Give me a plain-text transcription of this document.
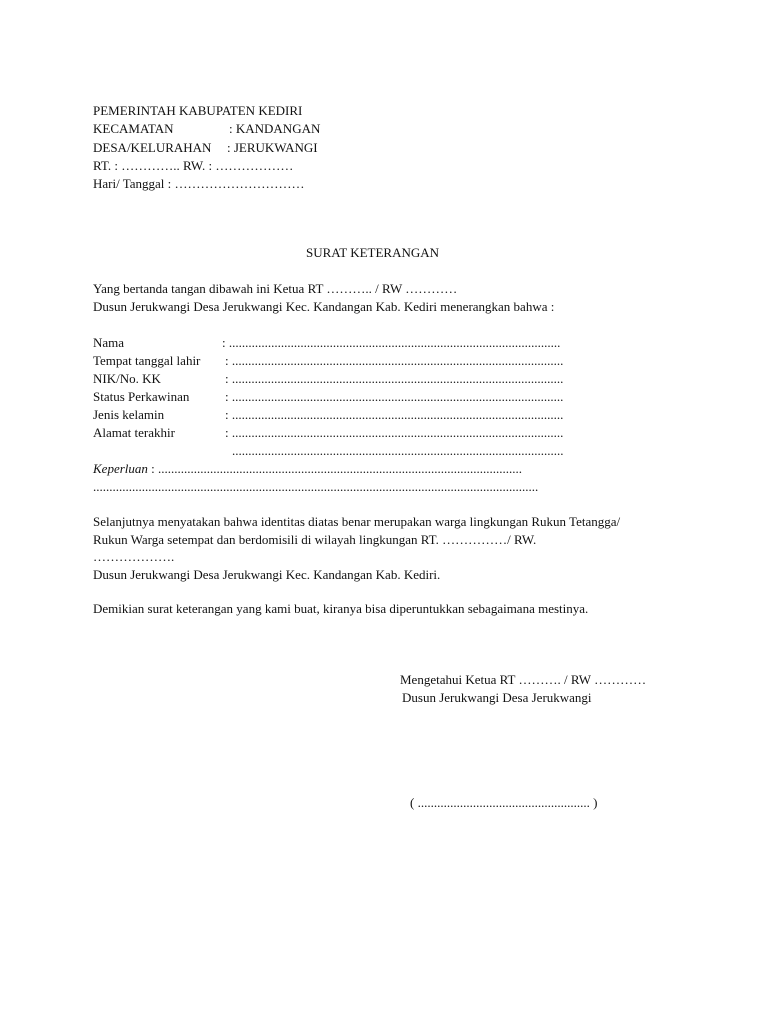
PEMERINTAH KABUPATEN KEDIRI
KECAMATAN	: KANDANGAN
DESA/KELURAHAN : JERUKWANGI
RT. : ………….. RW. : ………………
Hari/ Tanggal : …………………………
SURAT KETERANGAN
Yang bertanda tangan dibawah ini Ketua RT ……….. / RW …………
Dusun Jerukwangi Desa Jerukwangi Kec. Kandangan Kab. Kediri menerangkan bahwa :
Nama	: ......................................................................................................
Tempat tanggal lahir : ......................................................................................................
NIK/No. KK	: ......................................................................................................
Status Perkawinan	: ......................................................................................................
Jenis kelamin	: ......................................................................................................
Alamat terakhir	: ......................................................................................................
......................................................................................................
Keperluan : ................................................................................................................
.........................................................................................................................................
Selanjutnya menyatakan bahwa identitas diatas benar merupakan warga lingkungan Rukun Tetangga/
Rukun Warga setempat dan berdomisili di wilayah lingkungan RT. ……………/ RW.
……………….
Dusun Jerukwangi Desa Jerukwangi Kec. Kandangan Kab. Kediri.
Demikian surat keterangan yang kami buat, kiranya bisa diperuntukkan sebagaimana mestinya.
Mengetahui Ketua RT ………. / RW …………
Dusun Jerukwangi Desa Jerukwangi
( ..................................................... )
